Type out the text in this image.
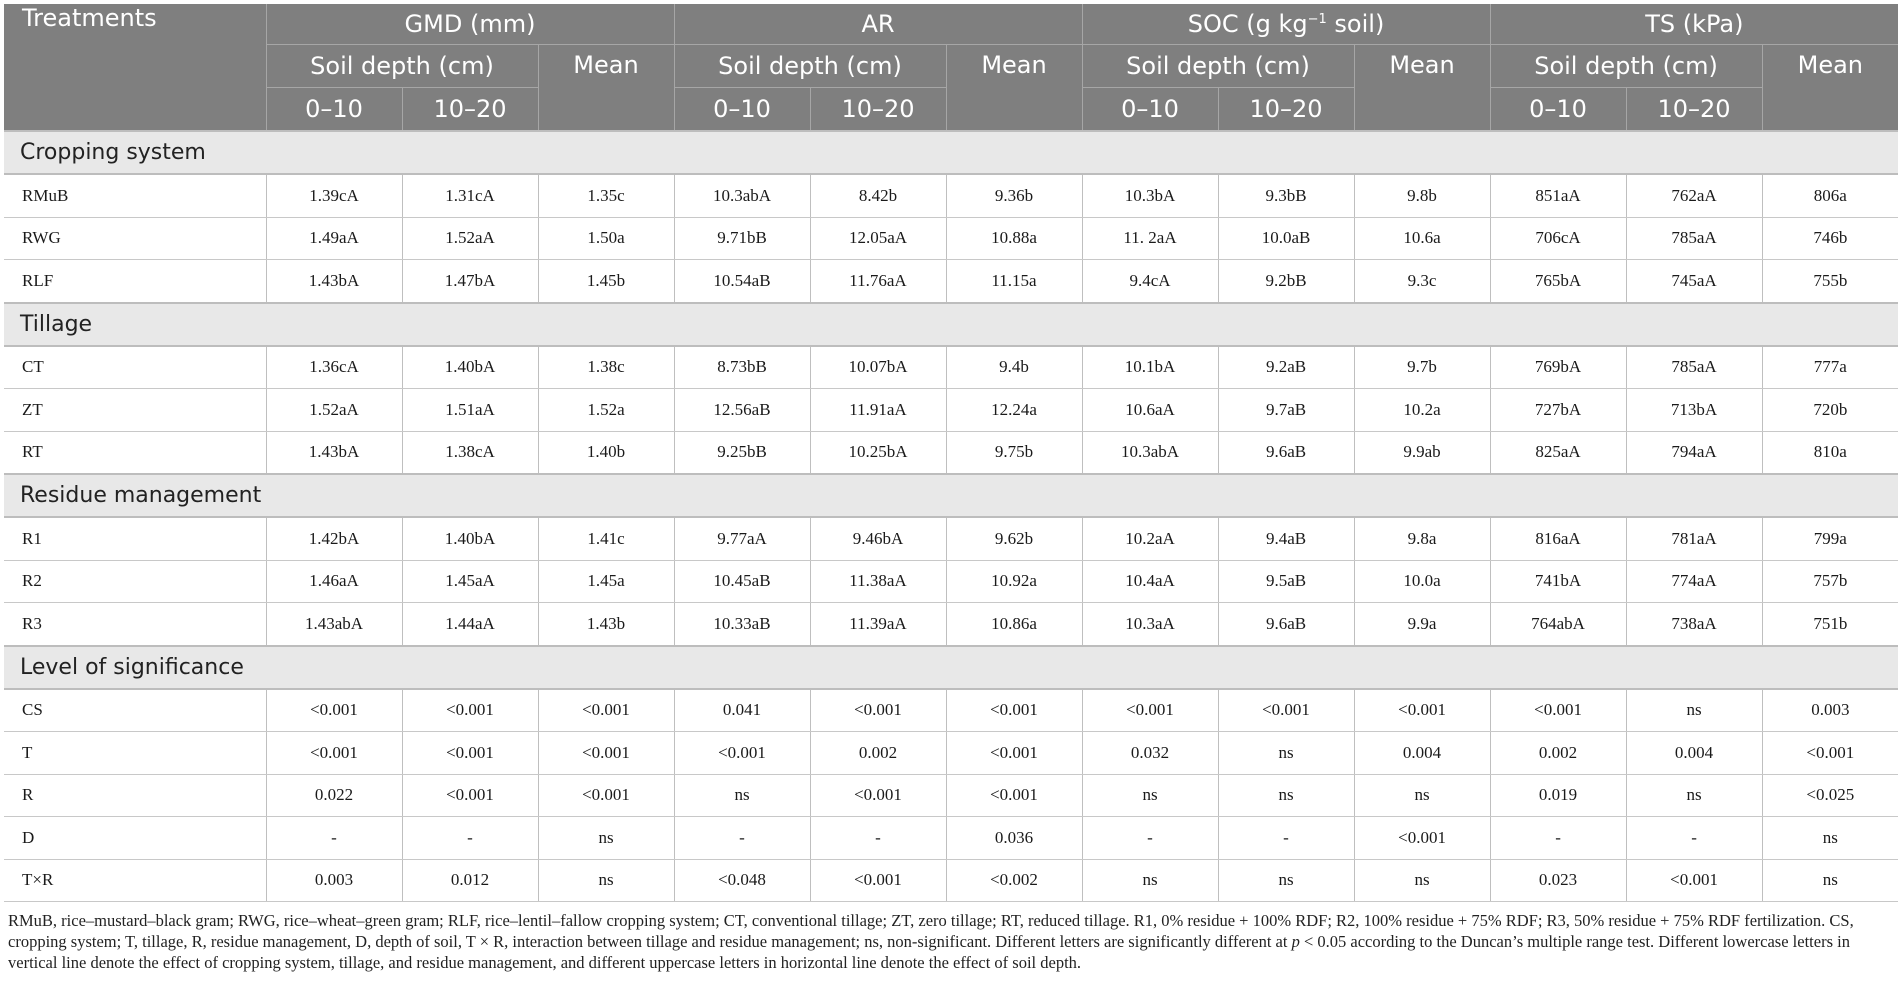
Treatments	GMD (mm)			AR			SOC (g $kg^{-1}$ soil)			TS (kPa)		
	Soil depth (cm)		Mean	Soil depth (cm)		Mean	Soil depth (cm)		Mean	Soil depth (cm)		Mean
	0–10	10–20		0–10	10–20		0–10	10–20		0–10	10–20	
Cropping system												
RMuB	1.39cA	1.31cA	1.35c	10.3abA	8.42b	9.36b	10.3bA	9.3bB	9.8b	851aA	762aA	806a
RWG	1.49aA	1.52aA	1.50a	9.71bB	12.05aA	10.88a	11. 2aA	10.0aB	10.6a	706cA	785aA	746b
RLF	1.43bA	1.47bA	1.45b	10.54aB	11.76aA	11.15a	9.4cA	9.2bB	9.3c	765bA	745aA	755b
Tillage												
CT	1.36cA	1.40bA	1.38c	8.73bB	10.07bA	9.4b	10.1bA	9.2aB	9.7b	769bA	785aA	777a
ZT	1.52aA	1.51aA	1.52a	12.56aB	11.91aA	12.24a	10.6aA	9.7aB	10.2a	727bA	713bA	720b
RT	1.43bA	1.38cA	1.40b	9.25bB	10.25bA	9.75b	10.3abA	9.6aB	9.9ab	825aA	794aA	810a
Residue management												
R1	1.42bA	1.40bA	1.41c	9.77aA	9.46bA	9.62b	10.2aA	9.4aB	9.8a	816aA	781aA	799a
R2	1.46aA	1.45aA	1.45a	10.45aB	11.38aA	10.92a	10.4aA	9.5aB	10.0a	741bA	774aA	757b
R3	1.43abA	1.44aA	1.43b	10.33aB	11.39aA	10.86a	10.3aA	9.6aB	9.9a	764abA	738aA	751b
Level of significance												
CS	<0.001	<0.001	<0.001	0.041	<0.001	<0.001	<0.001	<0.001	<0.001	<0.001	ns	0.003
T	<0.001	<0.001	<0.001	<0.001	0.002	<0.001	0.032	ns	0.004	0.002	0.004	<0.001
R	0.022	<0.001	<0.001	ns	<0.001	<0.001	ns	ns	ns	0.019	ns	<0.025
D	-	-	ns	-	-	0.036	-	-	<0.001	-	-	ns
T×R	0.003	0.012	ns	<0.048	<0.001	<0.002	ns	ns	ns	0.023	<0.001	ns

RMuB, rice–mustard–black gram; RWG, rice–wheat–green gram; RLF, rice–lentil–fallow cropping system; CT, conventional tillage; ZT, zero tillage; RT, reduced tillage. R1, 0% residue + 100% RDF; R2, 100% residue + 75% RDF; R3, 50% residue + 75% RDF fertilization. CS, cropping system; T, tillage, R, residue management, D, depth of soil, T × R, interaction between tillage and residue management; ns, non-significant. Different letters are significantly different at p < 0.05 according to the Duncan’s multiple range test. Different lowercase letters in vertical line denote the effect of cropping system, tillage, and residue management, and different uppercase letters in horizontal line denote the effect of soil depth.
